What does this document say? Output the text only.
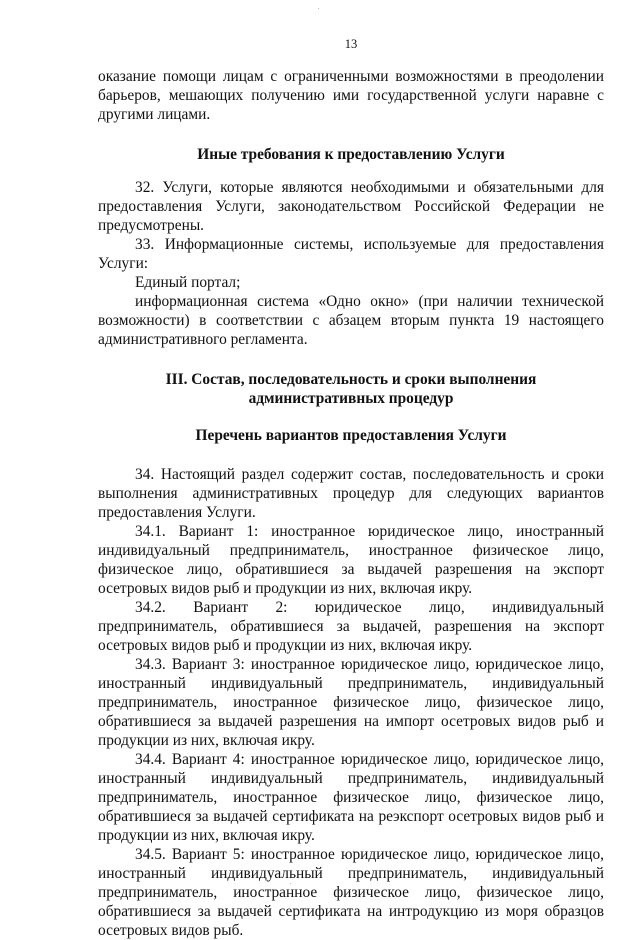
13

оказание помощи лицам с ограниченными возможностями в преодолении барьеров, мешающих получению ими государственной услуги наравне с другими лицами.

Иные требования к предоставлению Услуги

32. Услуги, которые являются необходимыми и обязательными для предоставления Услуги, законодательством Российской Федерации не предусмотрены.

33. Информационные системы, используемые для предоставления Услуги:

Единый портал;

информационная система «Одно окно» (при наличии технической возможности) в соответствии с абзацем вторым пункта 19 настоящего административного регламента.

III. Состав, последовательность и сроки выполнения административных процедур
Перечень вариантов предоставления Услуги

34. Настоящий раздел содержит состав, последовательность и сроки выполнения административных процедур для следующих вариантов предоставления Услуги.

34.1. Вариант 1: иностранное юридическое лицо, иностранный индивидуальный предприниматель, иностранное физическое лицо, физическое лицо, обратившиеся за выдачей разрешения на экспорт осетровых видов рыб и продукции из них, включая икру.

34.2. Вариант 2: юридическое лицо, индивидуальный предприниматель, обратившиеся за выдачей, разрешения на экспорт осетровых видов рыб и продукции из них, включая икру.

34.3. Вариант 3: иностранное юридическое лицо, юридическое лицо, иностранный индивидуальный предприниматель, индивидуальный предприниматель, иностранное физическое лицо, физическое лицо, обратившиеся за выдачей разрешения на импорт осетровых видов рыб и продукции из них, включая икру.

34.4. Вариант 4: иностранное юридическое лицо, юридическое лицо, иностранный индивидуальный предприниматель, индивидуальный предприниматель, иностранное физическое лицо, физическое лицо, обратившиеся за выдачей сертификата на реэкспорт осетровых видов рыб и продукции из них, включая икру.

34.5. Вариант 5: иностранное юридическое лицо, юридическое лицо, иностранный индивидуальный предприниматель, индивидуальный предприниматель, иностранное физическое лицо, физическое лицо, обратившиеся за выдачей сертификата на интродукцию из моря образцов осетровых видов рыб.
